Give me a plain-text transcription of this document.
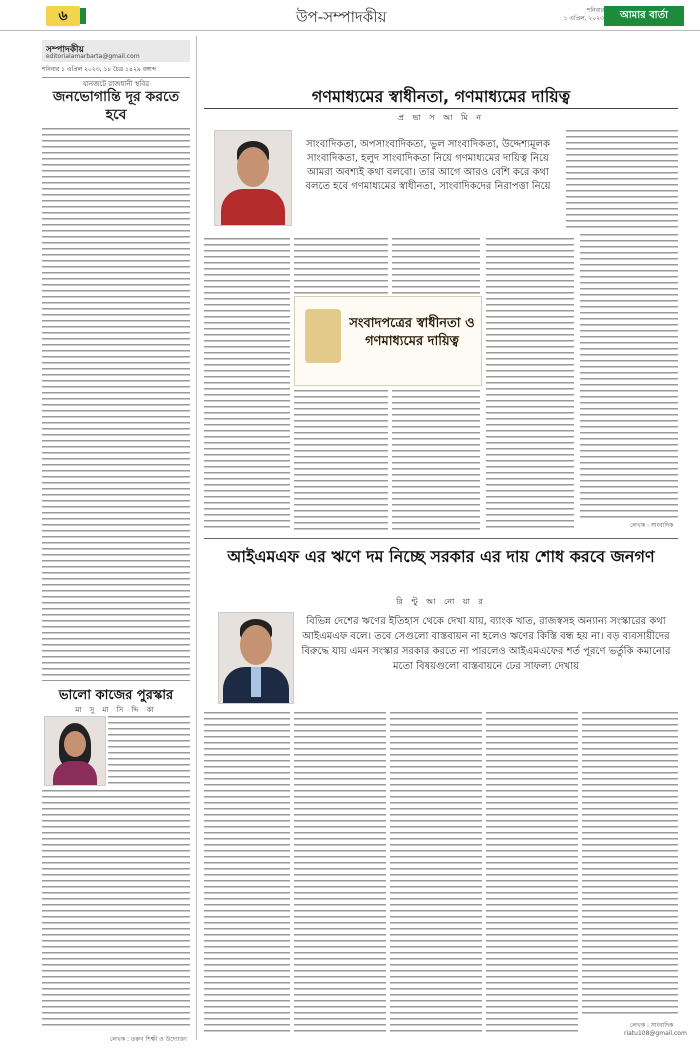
৬	উপ-সম্পাদকীয়	শনিবার
১ এপ্রিল, ২০২৩	আমার বার্তা
সম্পাদকীয়
editorialamarbarta@gmail.com
শনিবার ১ এপ্রিল ২০২৩, ১৮ চৈত্র ১৪২৯ বঙ্গাব্দ
যানজটে রাজধানী স্থবির
জনভোগান্তি দূর করতে হবে
ভালো কাজের পুরস্কার
মা সু মা সি দ্দি কা
লেখক : তরুণ শিক্ষী ও উদ্যোক্তা
গণমাধ্যমের স্বাধীনতা, গণমাধ্যমের দায়িত্ব
প্র ভা স আ মি ন
সাংবাদিকতা, অপসাংবাদিকতা, ভুল সাংবাদিকতা, উদ্দেশ্যমূলক সাংবাদিকতা, হলুদ সাংবাদিকতা নিয়ে গণমাধ্যমের দায়িত্ব নিয়ে আমরা অবশ্যই কথা বলবো। তার আগে আরও বেশি করে কথা বলতে হবে গণমাধ্যমের স্বাধীনতা, সাংবাদিকদের নিরাপত্তা নিয়ে
সংবাদপত্রের স্বাধীনতা ও গণমাধ্যমের দায়িত্ব
লেখক : সাংবাদিক
আইএমএফ এর ঋণে দম নিচ্ছে সরকার এর দায় শোধ করবে জনগণ
রি ন্টু আ নো য়া র
বিভিন্ন দেশের ঋণের ইতিহাস থেকে দেখা যায়, ব্যাংক খাত, রাজস্বসহ অন্যান্য সংস্কারের কথা আইএমএফ বলে। তবে সেগুলো বাস্তবায়ন না হলেও ঋণের কিস্তি বন্ধ হয় না। বড় ব্যবসায়ীদের বিরুদ্ধে যায় এমন সংস্কার সরকার করতে না পারলেও আইএমএফের শর্ত পূরণে ভর্তুকি কমানোর মতো বিষয়গুলো বাস্তবায়নে ঢের সাফল্য দেখায়
লেখক : সাংবাদিক
riatu108@gmail.com
